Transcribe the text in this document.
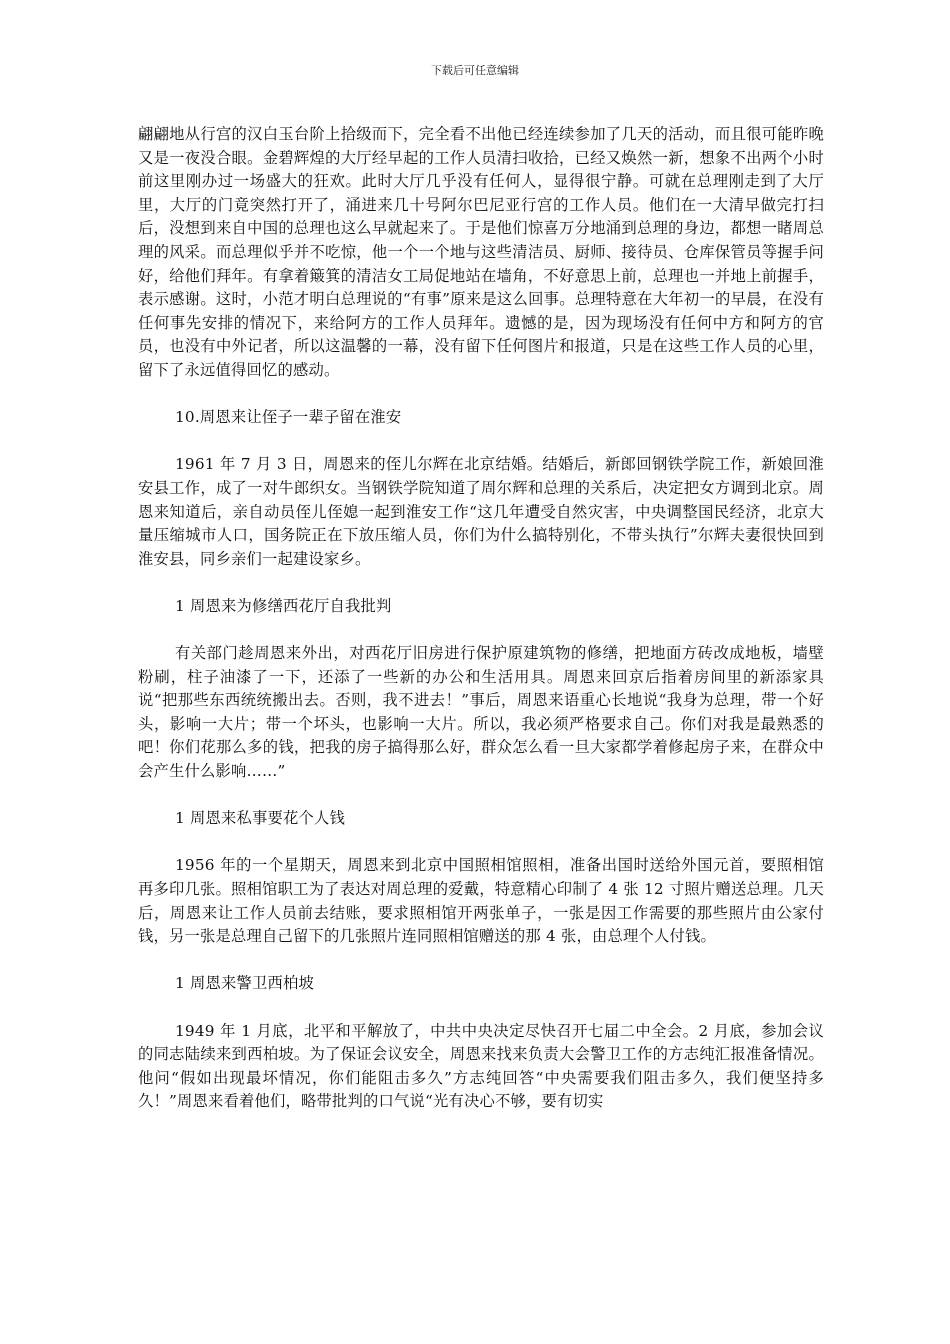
下载后可任意编辑

翩翩地从行宫的汉白玉台阶上拾级而下，完全看不出他已经连续参加了几天的活动，而且很可能昨晚又是一夜没合眼。金碧辉煌的大厅经早起的工作人员清扫收拾，已经又焕然一新，想象不出两个小时前这里刚办过一场盛大的狂欢。此时大厅几乎没有任何人，显得很宁静。可就在总理刚走到了大厅里，大厅的门竟突然打开了，涌进来几十号阿尔巴尼亚行宫的工作人员。他们在一大清早做完打扫后，没想到来自中国的总理也这么早就起来了。于是他们惊喜万分地涌到总理的身边，都想一睹周总理的风采。而总理似乎并不吃惊，他一个一个地与这些清洁员、厨师、接待员、仓库保管员等握手问好，给他们拜年。有拿着簸箕的清洁女工局促地站在墙角，不好意思上前，总理也一并地上前握手，表示感谢。这时，小范才明白总理说的“有事”原来是这么回事。总理特意在大年初一的早晨，在没有任何事先安排的情况下，来给阿方的工作人员拜年。遗憾的是，因为现场没有任何中方和阿方的官员，也没有中外记者，所以这温馨的一幕，没有留下任何图片和报道，只是在这些工作人员的心里，留下了永远值得回忆的感动。

10.周恩来让侄子一辈子留在淮安

1961 年 7 月 3 日，周恩来的侄儿尔辉在北京结婚。结婚后，新郎回钢铁学院工作，新娘回淮安县工作，成了一对牛郎织女。当钢铁学院知道了周尔辉和总理的关系后，决定把女方调到北京。周恩来知道后，亲自动员侄儿侄媳一起到淮安工作“这几年遭受自然灾害，中央调整国民经济，北京大量压缩城市人口，国务院正在下放压缩人员，你们为什么搞特别化，不带头执行”尔辉夫妻很快回到淮安县，同乡亲们一起建设家乡。

1 周恩来为修缮西花厅自我批判

有关部门趁周恩来外出，对西花厅旧房进行保护原建筑物的修缮，把地面方砖改成地板，墙壁粉刷，柱子油漆了一下，还添了一些新的办公和生活用具。周恩来回京后指着房间里的新添家具说“把那些东西统统搬出去。否则，我不进去！”事后，周恩来语重心长地说“我身为总理，带一个好头，影响一大片；带一个坏头，也影响一大片。所以，我必须严格要求自己。你们对我是最熟悉的吧！你们花那么多的钱，把我的房子搞得那么好，群众怎么看一旦大家都学着修起房子来，在群众中会产生什么影响……”

1 周恩来私事要花个人钱

1956 年的一个星期天，周恩来到北京中国照相馆照相，准备出国时送给外国元首，要照相馆再多印几张。照相馆职工为了表达对周总理的爱戴，特意精心印制了 4 张 12 寸照片赠送总理。几天后，周恩来让工作人员前去结账，要求照相馆开两张单子，一张是因工作需要的那些照片由公家付钱，另一张是总理自己留下的几张照片连同照相馆赠送的那 4 张，由总理个人付钱。

1 周恩来警卫西柏坡

1949 年 1 月底，北平和平解放了，中共中央决定尽快召开七届二中全会。2 月底，参加会议的同志陆续来到西柏坡。为了保证会议安全，周恩来找来负责大会警卫工作的方志纯汇报准备情况。他问“假如出现最坏情况，你们能阻击多久”方志纯回答“中央需要我们阻击多久，我们便坚持多久！”周恩来看着他们，略带批判的口气说“光有决心不够，要有切实
